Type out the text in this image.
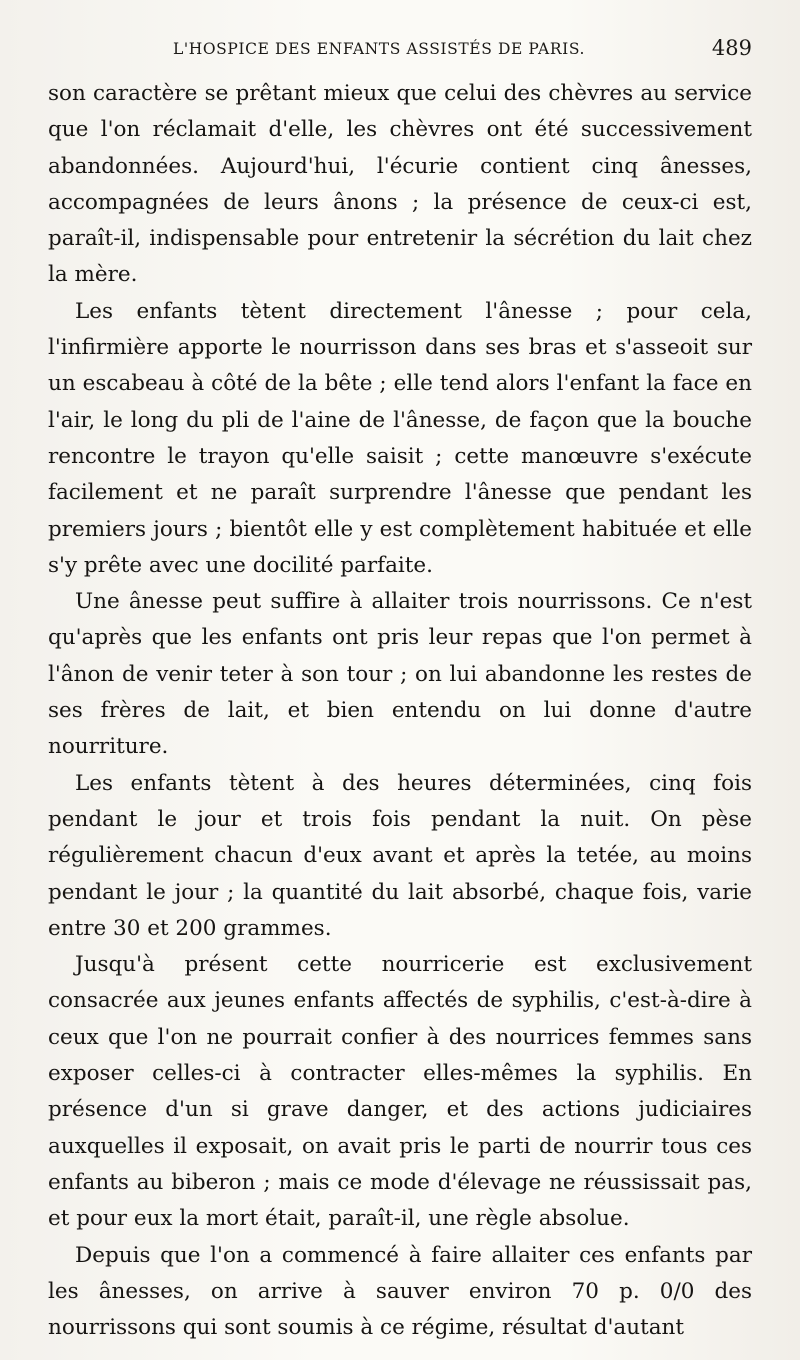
L'HOSPICE DES ENFANTS ASSISTÉS DE PARIS.	489

son caractère se prêtant mieux que celui des chèvres au service que l'on réclamait d'elle, les chèvres ont été successivement abandonnées. Aujourd'hui, l'écurie contient cinq ânesses, accompagnées de leurs ânons ; la présence de ceux-ci est, paraît-il, indispensable pour entretenir la sécrétion du lait chez la mère.

Les enfants tètent directement l'ânesse ; pour cela, l'infirmière apporte le nourrisson dans ses bras et s'asseoit sur un escabeau à côté de la bête ; elle tend alors l'enfant la face en l'air, le long du pli de l'aine de l'ânesse, de façon que la bouche rencontre le trayon qu'elle saisit ; cette manœuvre s'exécute facilement et ne paraît surprendre l'ânesse que pendant les premiers jours ; bientôt elle y est complètement habituée et elle s'y prête avec une docilité parfaite.

Une ânesse peut suffire à allaiter trois nourrissons. Ce n'est qu'après que les enfants ont pris leur repas que l'on permet à l'ânon de venir teter à son tour ; on lui abandonne les restes de ses frères de lait, et bien entendu on lui donne d'autre nourriture.

Les enfants tètent à des heures déterminées, cinq fois pendant le jour et trois fois pendant la nuit. On pèse régulièrement chacun d'eux avant et après la tetée, au moins pendant le jour ; la quantité du lait absorbé, chaque fois, varie entre 30 et 200 grammes.

Jusqu'à présent cette nourricerie est exclusivement consacrée aux jeunes enfants affectés de syphilis, c'est-à-dire à ceux que l'on ne pourrait confier à des nourrices femmes sans exposer celles-ci à contracter elles-mêmes la syphilis. En présence d'un si grave danger, et des actions judiciaires auxquelles il exposait, on avait pris le parti de nourrir tous ces enfants au biberon ; mais ce mode d'élevage ne réussissait pas, et pour eux la mort était, paraît-il, une règle absolue.

Depuis que l'on a commencé à faire allaiter ces enfants par les ânesses, on arrive à sauver environ 70 p. 0/0 des nourrissons qui sont soumis à ce régime, résultat d'autant
